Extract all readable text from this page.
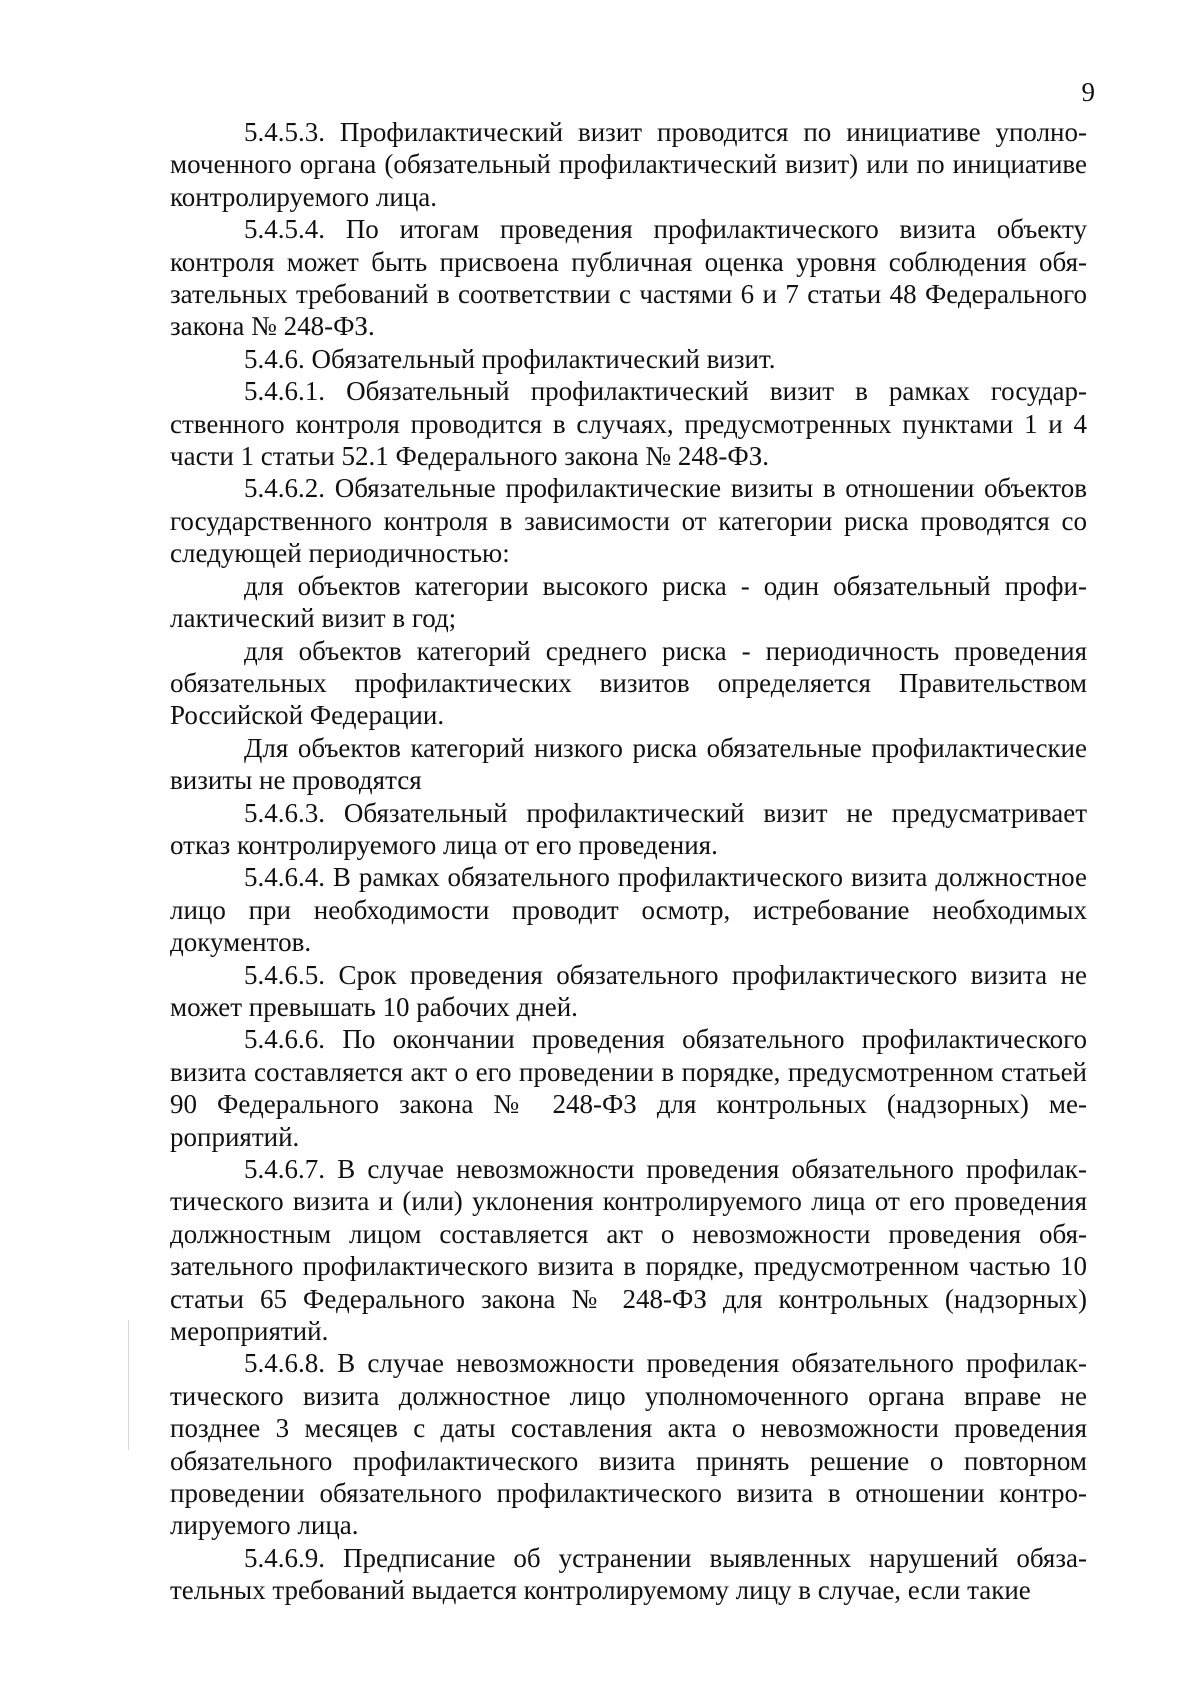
9

5.4.5.3. Профилактический визит проводится по инициативе уполномоченного органа (обязательный профилактический визит) или по инициативе контролируемого лица.

5.4.5.4. По итогам проведения профилактического визита объекту контроля может быть присвоена публичная оценка уровня соблюдения обязательных требований в соответствии с частями 6 и 7 статьи 48 Федерального закона № 248-ФЗ.

5.4.6. Обязательный профилактический визит.

5.4.6.1. Обязательный профилактический визит в рамках государственного контроля проводится в случаях, предусмотренных пунктами 1 и 4 части 1 статьи 52.1 Федерального закона № 248-ФЗ.

5.4.6.2. Обязательные профилактические визиты в отношении объектов государственного контроля в зависимости от категории риска проводятся со следующей периодичностью:

для объектов категории высокого риска - один обязательный профилактический визит в год;

для объектов категорий среднего риска - периодичность проведения обязательных профилактических визитов определяется Правительством Российской Федерации.

Для объектов категорий низкого риска обязательные профилактические визиты не проводятся

5.4.6.3. Обязательный профилактический визит не предусматривает отказ контролируемого лица от его проведения.

5.4.6.4. В рамках обязательного профилактического визита должностное лицо при необходимости проводит осмотр, истребование необходимых документов.

5.4.6.5. Срок проведения обязательного профилактического визита не может превышать 10 рабочих дней.

5.4.6.6. По окончании проведения обязательного профилактического визита составляется акт о его проведении в порядке, предусмотренном статьей 90 Федерального закона № 248-ФЗ для контрольных (надзорных) мероприятий.

5.4.6.7. В случае невозможности проведения обязательного профилактического визита и (или) уклонения контролируемого лица от его проведения должностным лицом составляется акт о невозможности проведения обязательного профилактического визита в порядке, предусмотренном частью 10 статьи 65 Федерального закона № 248-ФЗ для контрольных (надзорных) мероприятий.

5.4.6.8. В случае невозможности проведения обязательного профилактического визита должностное лицо уполномоченного органа вправе не позднее 3 месяцев с даты составления акта о невозможности проведения обязательного профилактического визита принять решение о повторном проведении обязательного профилактического визита в отношении контролируемого лица.

5.4.6.9. Предписание об устранении выявленных нарушений обязательных требований выдается контролируемому лицу в случае, если такие
